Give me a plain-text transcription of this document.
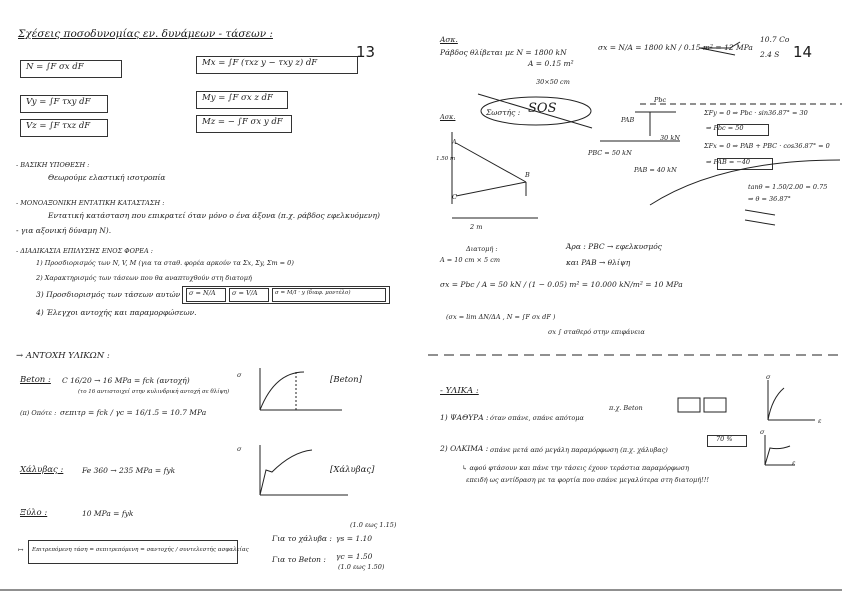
Σχέσεις ποσοδυνομίας εν. δυνάμεων - τάσεων :
13
N = ∫F σx dF
Vy = ∫F τxy dF
Vz = ∫F τxz dF
Mx = ∫F (τxz y − τxy z) dF
My = ∫F σx z dF
Mz = − ∫F σx y dF
- ΒΑΣΙΚΗ ΥΠΟΘΕΣΗ :
Θεωρούμε ελαστική ισοτροπία
- ΜΟΝΟΑΞΟΝΙΚΗ ΕΝΤΑΤΙΚΗ ΚΑΤΑΣΤΑΣΗ :
Εντατική κατάσταση που επικρατεί όταν μόνο ο ένα άξονα (π.χ. ράβδος εφελκυόμενη)
- για αξονική δύναμη Ν).
- ΔΙΑΔΙΚΑΣΙΑ ΕΠΙΛΥΣΗΣ ΕΝΟΣ ΦΟΡΕΑ :
1) Προσδιορισμός των N, V, M (για τα σταθ. φορέα αρκούν τα Σx, Σy, Σm = 0)
2) Χαρακτηρισμός των τάσεων που θα αναπτυχθούν στη διατομή
3) Προσδιορισμός των τάσεων αυτών
4) Έλεγχοι αντοχής και παραμορφώσεων.
σ = N/A	σ = V/A	σ = M/I · y (διαφ. μοντέλο)
→ ΑΝΤΟΧΗ ΥΛΙΚΩΝ :
Beton : C 16/20 → 16 MPa = fck (αντοχή)
(το 16 αντιστοιχεί στην κυλινδρική αντοχή σε θλίψη)
(π) Οπότε : σεπιτρ = fck / γc = 16/1.5 = 10.7 MPa
σ	[Beton]
σ
[Χάλυβας]
Χάλυβας : Fe 360 → 235 MPa = fyk
Ξύλο :	10 MPa = fyk
↦ Επιτρεπόμενη τάση = σεπιτρεπόμενη = σαντοχής / συντελεστής ασφαλείας
Για το χάλυβα : γs = 1.10
(1.0 εως 1.15)
Για το Beton : γc = 1.50
(1.0 εως 1.50)
Ασκ.
Ράβδος θλίβεται με N = 1800 kN
A = 0.15 m²
30×50 cm
σx = N/A = 1800 kN / 0.15 m² = 12 MPa
10.7 Co
2.4 S 14
Ασκ.	Σωστής : SOS
Pbc
PAB
30 kN
PBC = 50 kN
PAB = 40 kN
ΣFy = 0 ⇒ Pbc · sin36.87° = 30
⇒ Pbc = 50
ΣFx = 0 ⇒ PAB + PBC · cos36.87° = 0
⇒ PAB = −40
tanθ = 1.50/2.00 = 0.75
⇒ θ = 36.87°
A
B
C
1.50 m
2 m
Διατομή :
A = 10 cm × 5 cm
Άρα : PBC → εφελκυσμός
και PAB → θλίψη
σx = Pbc / A = 50 kN / (1 − 0.05) m² = 10.000 kN/m² = 10 MPa
(σx = lim ΔN/ΔA , N = ∫F σx dF )
σx ∫ σταθερό στην επιφάνεια
- ΥΛΙΚΑ :
1) ΨΑΘΥΡΑ : όταν σπάνε, σπάνε απότομα
π.χ. Beton
σ
ε
2) ΟΛΚΙΜΑ : σπάνε μετά από μεγάλη παραμόρφωση (π.χ. χάλυβας)
70 %
σ
ε
↳ αφού φτάσουν και πάνε την τάσεις έχουν τεράστια παραμόρφωση
επειδή ως αντίδραση με τα φορτία που σπάνε μεγαλύτερα στη διατομή!!!
